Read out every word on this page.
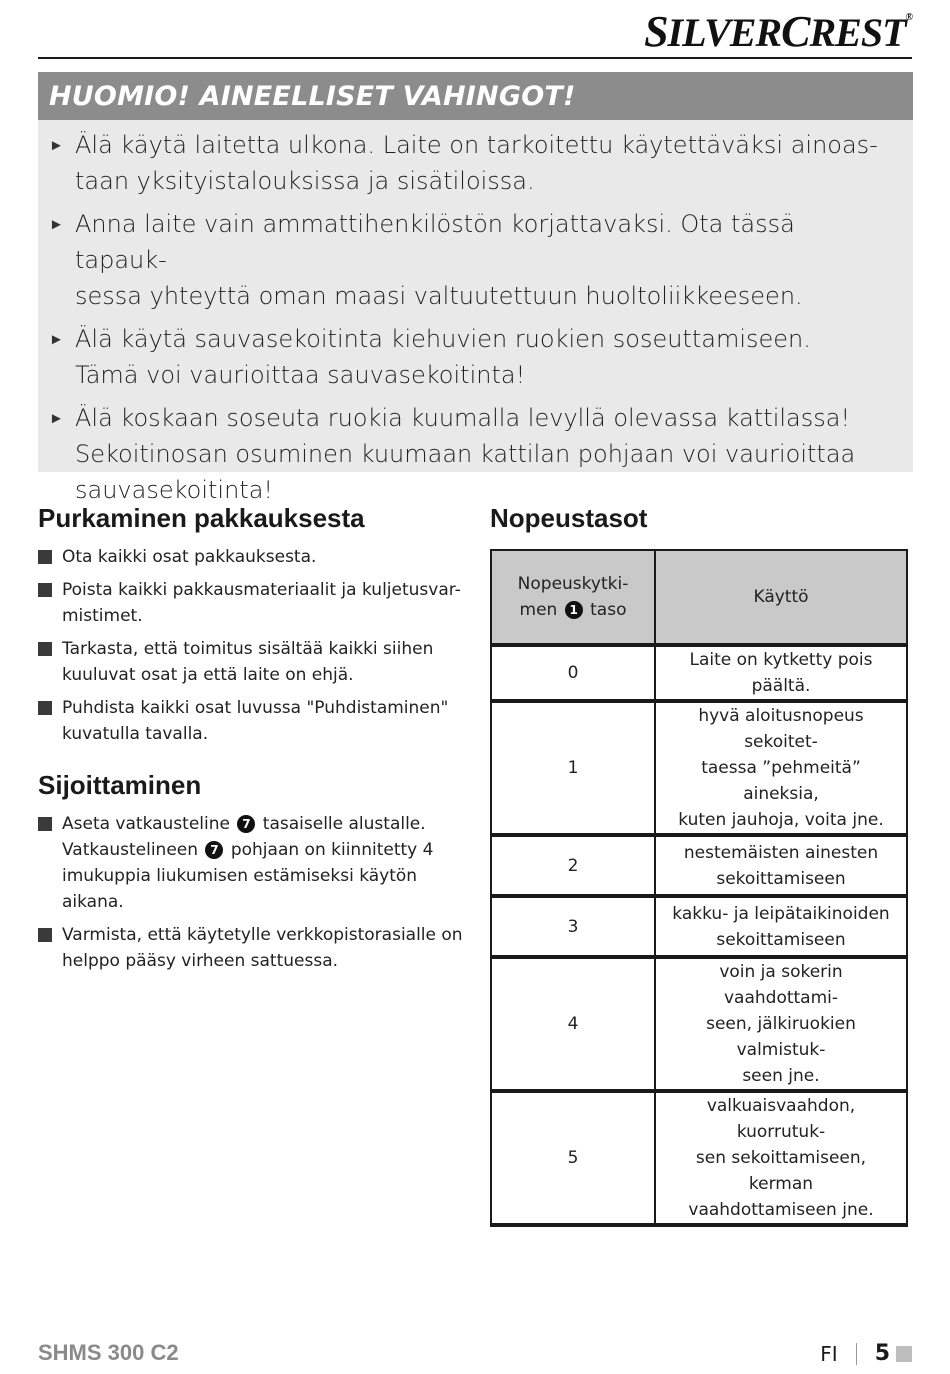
SILVERCREST®
HUOMIO! AINEELLISET VAHINGOT!
► Älä käytä laitetta ulkona. Laite on tarkoitettu käytettäväksi ainoas-
taan yksityistalouksissa ja sisätiloissa.
► Anna laite vain ammattihenkilöstön korjattavaksi. Ota tässä tapauk-
sessa yhteyttä oman maasi valtuutettuun huoltoliikkeeseen.
► Älä käytä sauvasekoitinta kiehuvien ruokien soseuttamiseen.
Tämä voi vaurioittaa sauvasekoitinta!
► Älä koskaan soseuta ruokia kuumalla levyllä olevassa kattilassa!
Sekoitinosan osuminen kuumaan kattilan pohjaan voi vaurioittaa
sauvasekoitinta!
Purkaminen pakkauksesta
Ota kaikki osat pakkauksesta.
Poista kaikki pakkausmateriaalit ja kuljetusvar-
mistimet.
Tarkasta, että toimitus sisältää kaikki siihen
kuuluvat osat ja että laite on ehjä.
Puhdista kaikki osat luvussa "Puhdistaminen"
kuvatulla tavalla.
Sijoittaminen
Aseta vatkausteline 7 tasaiselle alustalle.
Vatkaustelineen 7 pohjaan on kiinnitetty 4
imukuppia liukumisen estämiseksi käytön aikana.
Varmista, että käytetylle verkkopistorasialle on
helppo pääsy virheen sattuessa.
Nopeustasot
Nopeuskytki-
men 1 taso	Käyttö
0	Laite on kytketty pois päältä.
1	hyvä aloitusnopeus sekoitet-
taessa ”pehmeitä” aineksia,
kuten jauhoja, voita jne.
2	nestemäisten ainesten
sekoittamiseen
3	kakku- ja leipätaikinoiden
sekoittamiseen
4	voin ja sokerin vaahdottami-
seen, jälkiruokien valmistuk-
seen jne.
5	valkuaisvaahdon, kuorrutuk-
sen sekoittamiseen, kerman
vaahdottamiseen jne.
SHMS 300 C2	FI 5
